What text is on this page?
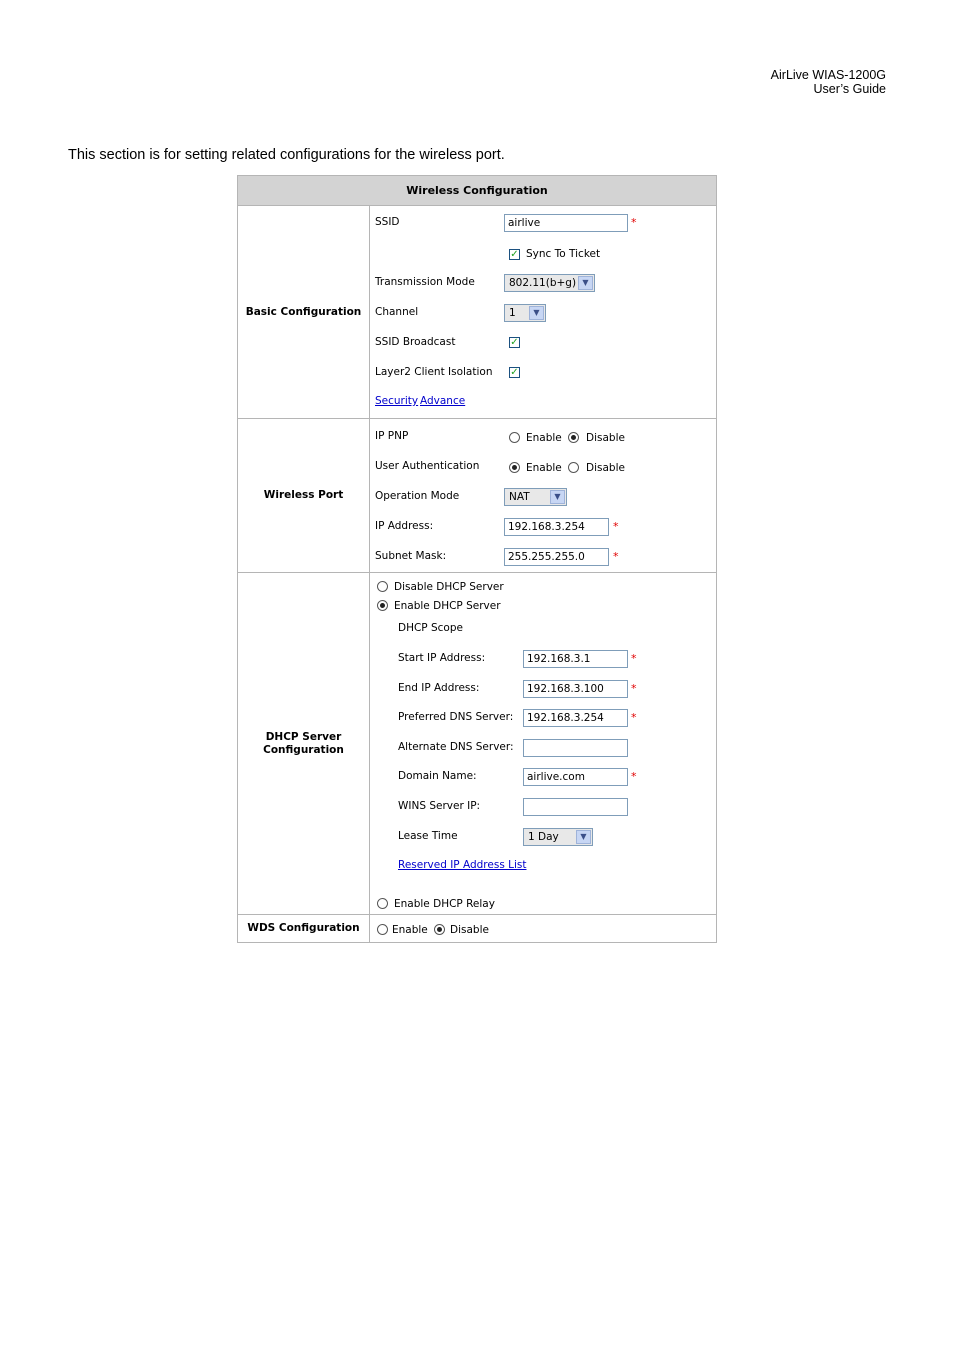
AirLive WIAS-1200G
User’s Guide
This section is for setting related configurations for the wireless port.
Wireless Configuration
Basic Configuration
SSID	airlive	*
✓ Sync To Ticket
Transmission Mode	802.11(b+g) ▼
Channel	1	▼
SSID Broadcast	✓
Layer2 Client Isolation ✓
Security Advance
Wireless Port
IP PNP	Enable Disable
User Authentication	Enable Disable
Operation Mode	NAT	▼
IP Address:	192.168.3.254	*
Subnet Mask:	255.255.255.0	*
DHCP Server
Configuration
Disable DHCP Server
Enable DHCP Server
DHCP Scope
Start IP Address:	192.168.3.1	*
End IP Address:	192.168.3.100	*
Preferred DNS Server:	192.168.3.254	*
Alternate DNS Server:
Domain Name:	airlive.com	*
WINS Server IP:
Lease Time	1 Day	▼
Reserved IP Address List
Enable DHCP Relay
WDS Configuration	Enable Disable
